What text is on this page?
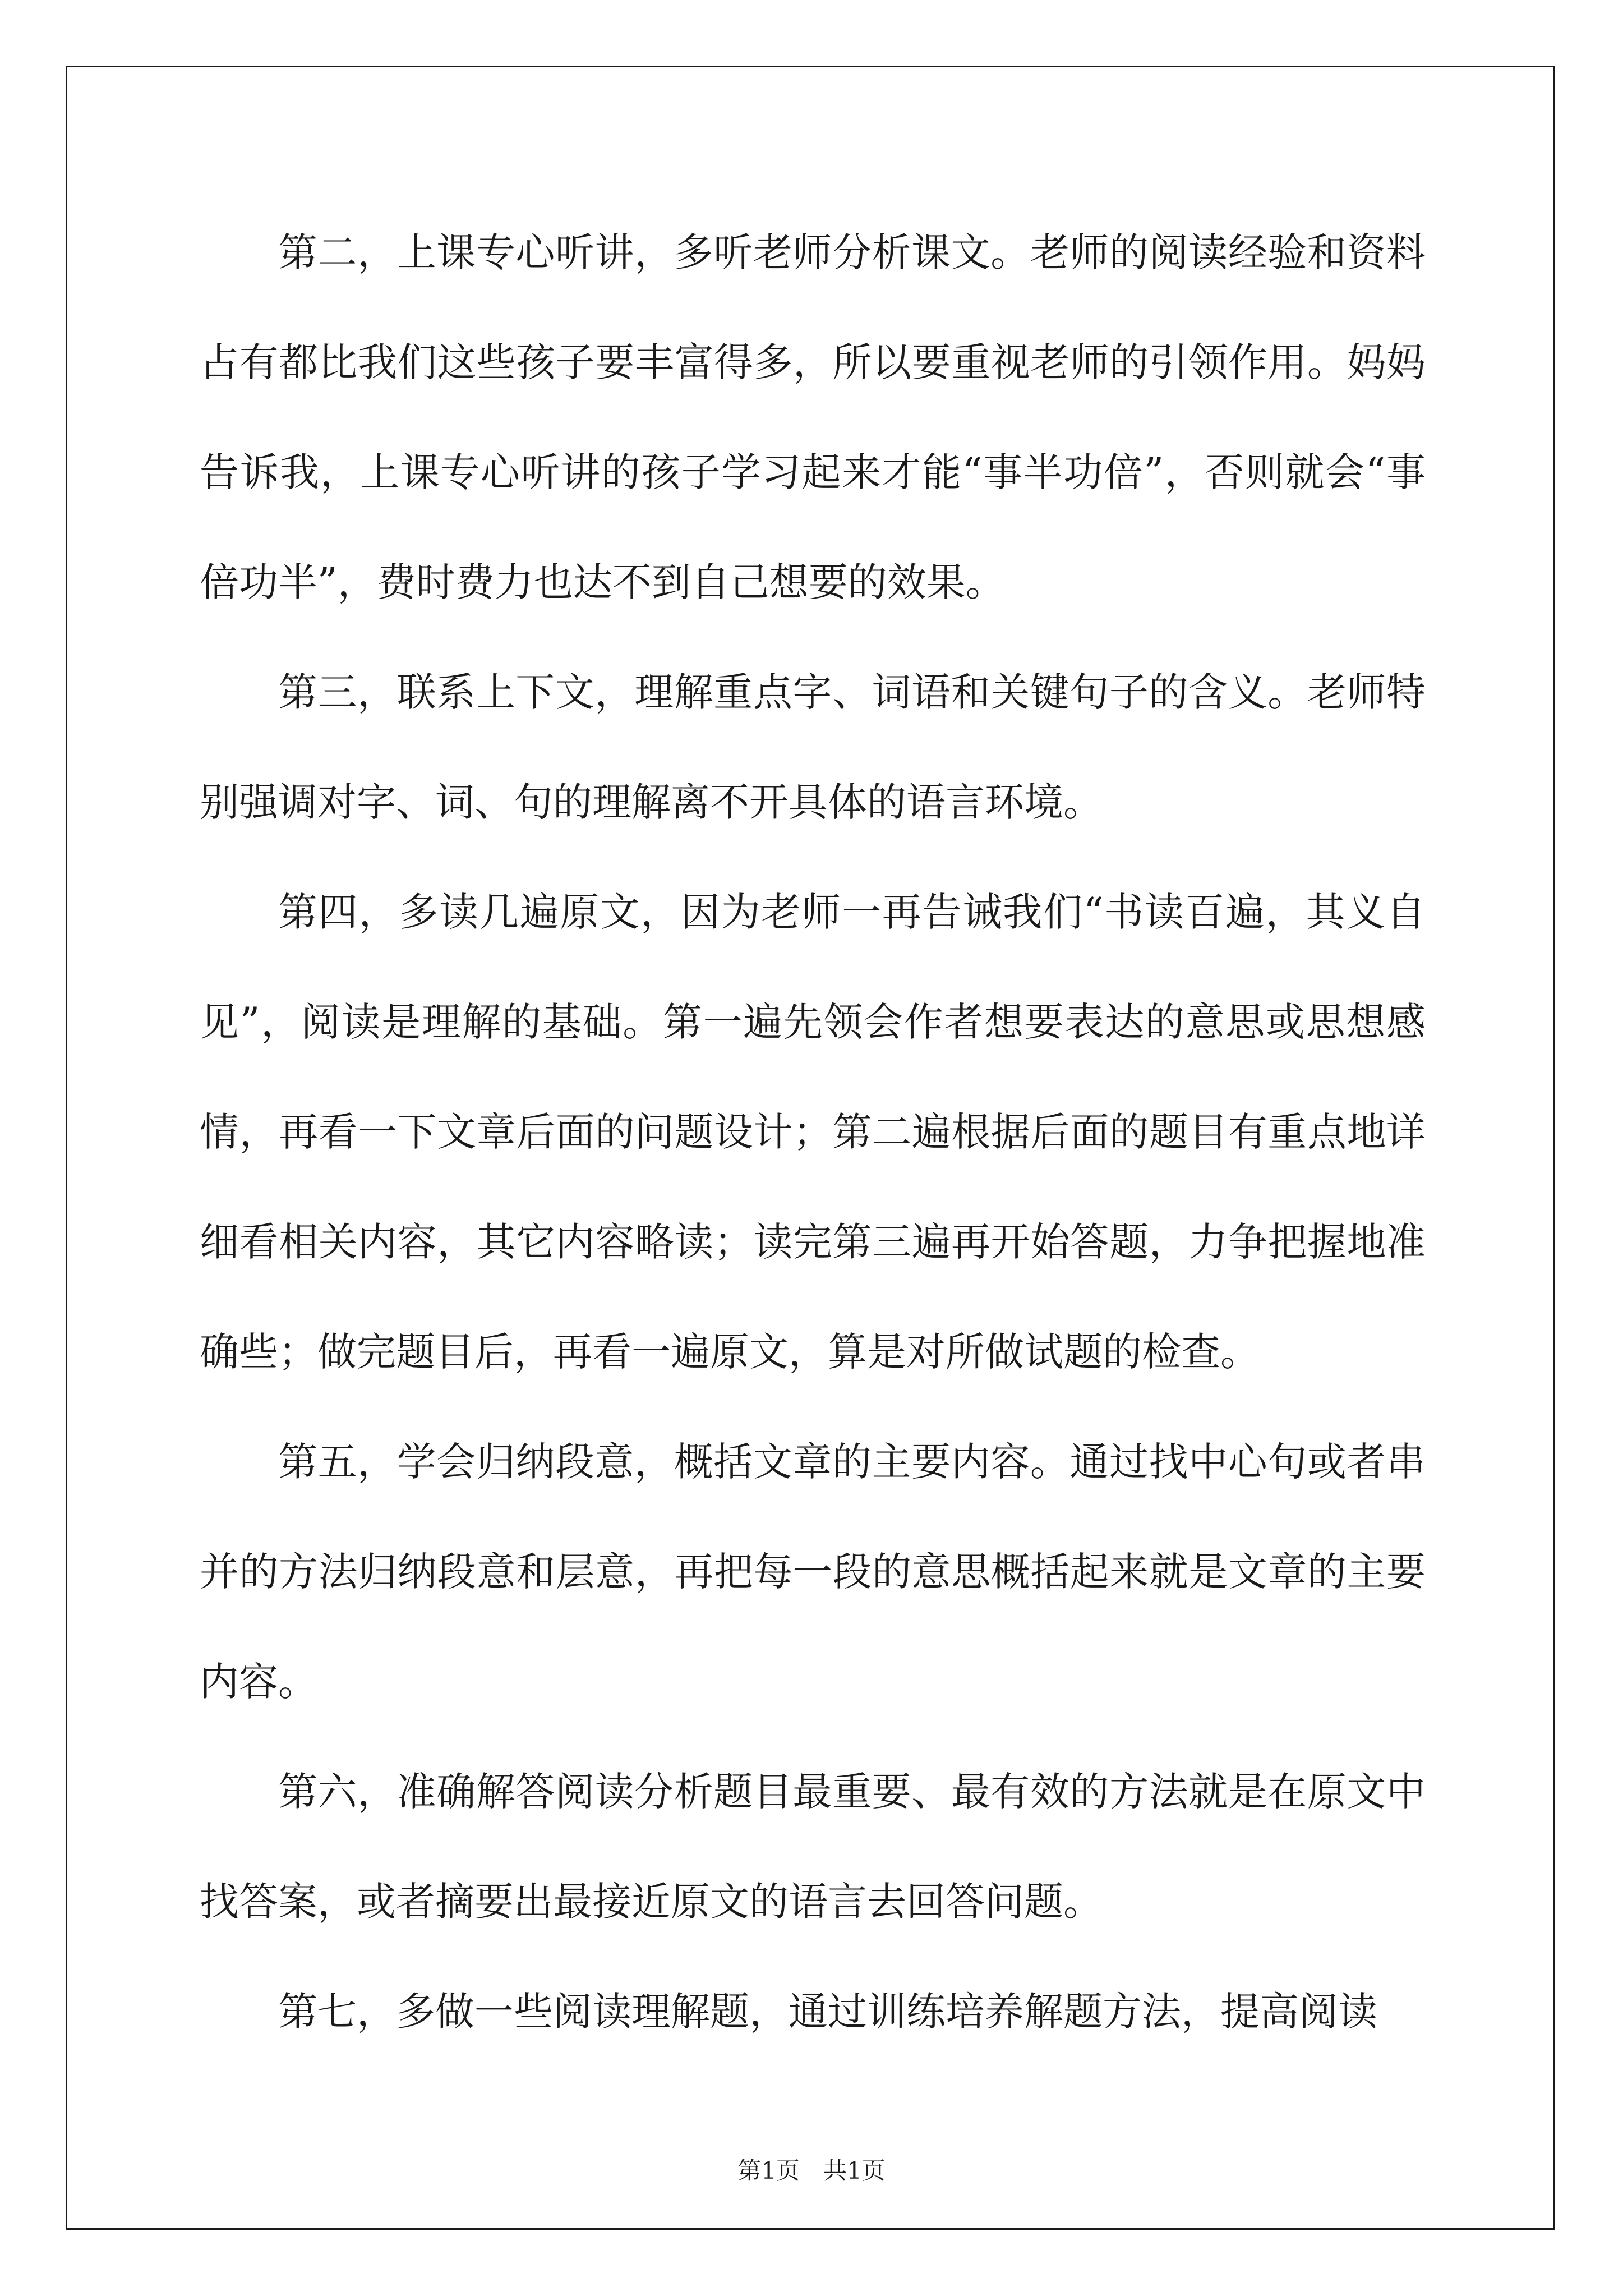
第二，上课专心听讲，多听老师分析课文。老师的阅读经验和资料占有都比我们这些孩子要丰富得多，所以要重视老师的引领作用。妈妈告诉我，上课专心听讲的孩子学习起来才能“事半功倍”，否则就会“事倍功半”，费时费力也达不到自己想要的效果。

第三，联系上下文，理解重点字、词语和关键句子的含义。老师特别强调对字、词、句的理解离不开具体的语言环境。

第四，多读几遍原文，因为老师一再告诫我们“书读百遍，其义自见”，阅读是理解的基础。第一遍先领会作者想要表达的意思或思想感情，再看一下文章后面的问题设计；第二遍根据后面的题目有重点地详细看相关内容，其它内容略读；读完第三遍再开始答题，力争把握地准确些；做完题目后，再看一遍原文，算是对所做试题的检查。

第五，学会归纳段意，概括文章的主要内容。通过找中心句或者串并的方法归纳段意和层意，再把每一段的意思概括起来就是文章的主要内容。

第六，准确解答阅读分析题目最重要、最有效的方法就是在原文中找答案，或者摘要出最接近原文的语言去回答问题。

第七，多做一些阅读理解题，通过训练培养解题方法，提高阅读

第1页　共1页
